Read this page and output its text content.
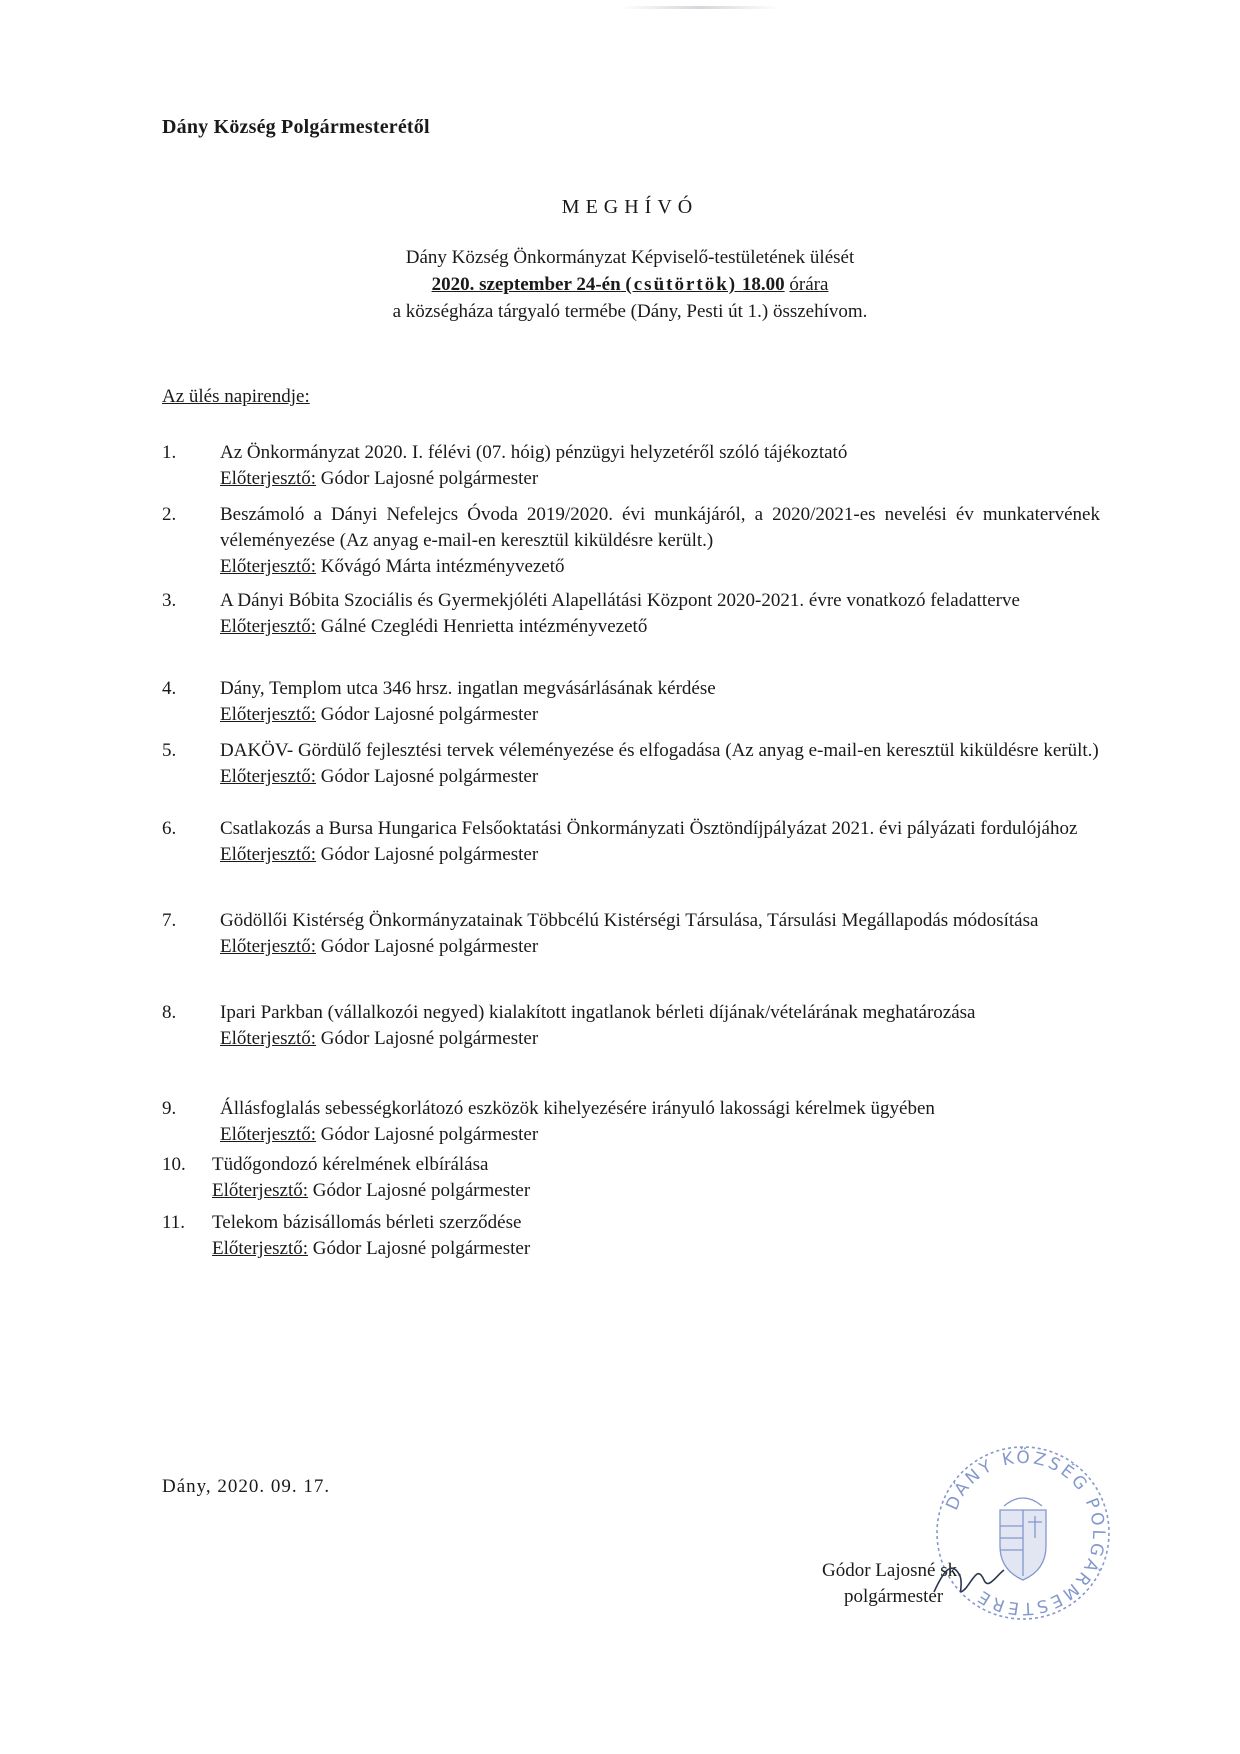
Dány Község Polgármesterétől
MEGHÍVÓ
Dány Község Önkormányzat Képviselő-testületének ülését
2020. szeptember 24-én (csütörtök) 18.00 órára
a községháza tárgyaló termébe (Dány, Pesti út 1.) összehívom.
Az ülés napirendje:
1. Az Önkormányzat 2020. I. félévi (07. hóig) pénzügyi helyzetéről szóló tájékoztató
Előterjesztő: Gódor Lajosné polgármester
2. Beszámoló a Dányi Nefelejcs Óvoda 2019/2020. évi munkájáról, a 2020/2021-es nevelési év munkatervének véleményezése (Az anyag e-mail-en keresztül kiküldésre került.)
Előterjesztő: Kővágó Márta intézményvezető
3. A Dányi Bóbita Szociális és Gyermekjóléti Alapellátási Központ 2020-2021. évre vonatkozó feladatterve
Előterjesztő: Gálné Czeglédi Henrietta intézményvezető
4. Dány, Templom utca 346 hrsz. ingatlan megvásárlásának kérdése
Előterjesztő: Gódor Lajosné polgármester
5. DAKÖV- Gördülő fejlesztési tervek véleményezése és elfogadása (Az anyag e-mail-en keresztül kiküldésre került.)
Előterjesztő: Gódor Lajosné polgármester
6. Csatlakozás a Bursa Hungarica Felsőoktatási Önkormányzati Ösztöndíjpályázat 2021. évi pályázati fordulójához
Előterjesztő: Gódor Lajosné polgármester
7. Gödöllői Kistérség Önkormányzatainak Többcélú Kistérségi Társulása, Társulási Megállapodás módosítása
Előterjesztő: Gódor Lajosné polgármester
8. Ipari Parkban (vállalkozói negyed) kialakított ingatlanok bérleti díjának/vételárának meghatározása
Előterjesztő: Gódor Lajosné polgármester
9. Állásfoglalás sebességkorlátozó eszközök kihelyezésére irányuló lakossági kérelmek ügyében
Előterjesztő: Gódor Lajosné polgármester
10. Tüdőgondozó kérelmének elbírálása
Előterjesztő: Gódor Lajosné polgármester
11. Telekom bázisállomás bérleti szerződése
Előterjesztő: Gódor Lajosné polgármester
Dány, 2020. 09. 17.
DÁNY KÖZSÉG POLGÁRMESTERE
Gódor Lajosné sk.
polgármester
